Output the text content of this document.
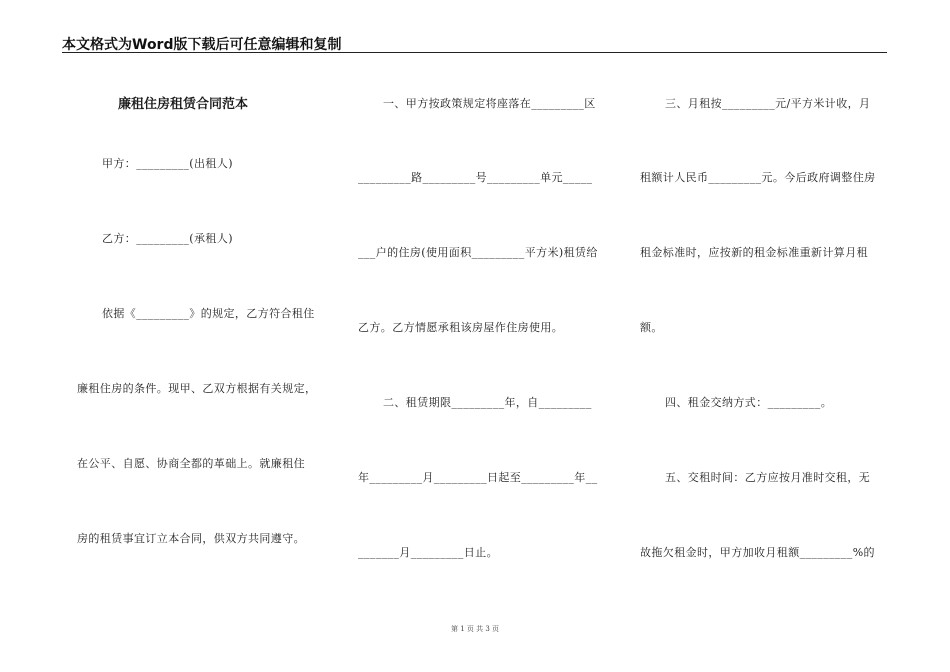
本文格式为Word版下载后可任意编辑和复制
廉租住房租赁合同范本
甲方：_________(出租人)
乙方：_________(承租人)
依据《_________》的规定，乙方符合租住
廉租住房的条件。现甲、乙双方根据有关规定，
在公平、自愿、协商全都的革础上。就廉租住
房的租赁事宜订立本合同，供双方共同遵守。
一、甲方按政策规定将座落在_________区
_________路_________号_________单元_____
___户的住房(使用面积_________平方米)租赁给
乙方。乙方情愿承租该房屋作住房使用。
二、租赁期限_________年，自_________
年_________月_________日起至_________年__
_______月_________日止。
三、月租按_________元/平方米计收，月
租额计人民币_________元。今后政府调整住房
租金标准时，应按新的租金标准重新计算月租
额。
四、租金交纳方式：_________。
五、交租时间：乙方应按月准时交租，无
故拖欠租金时，甲方加收月租额_________%的
第 1 页 共 3 页
